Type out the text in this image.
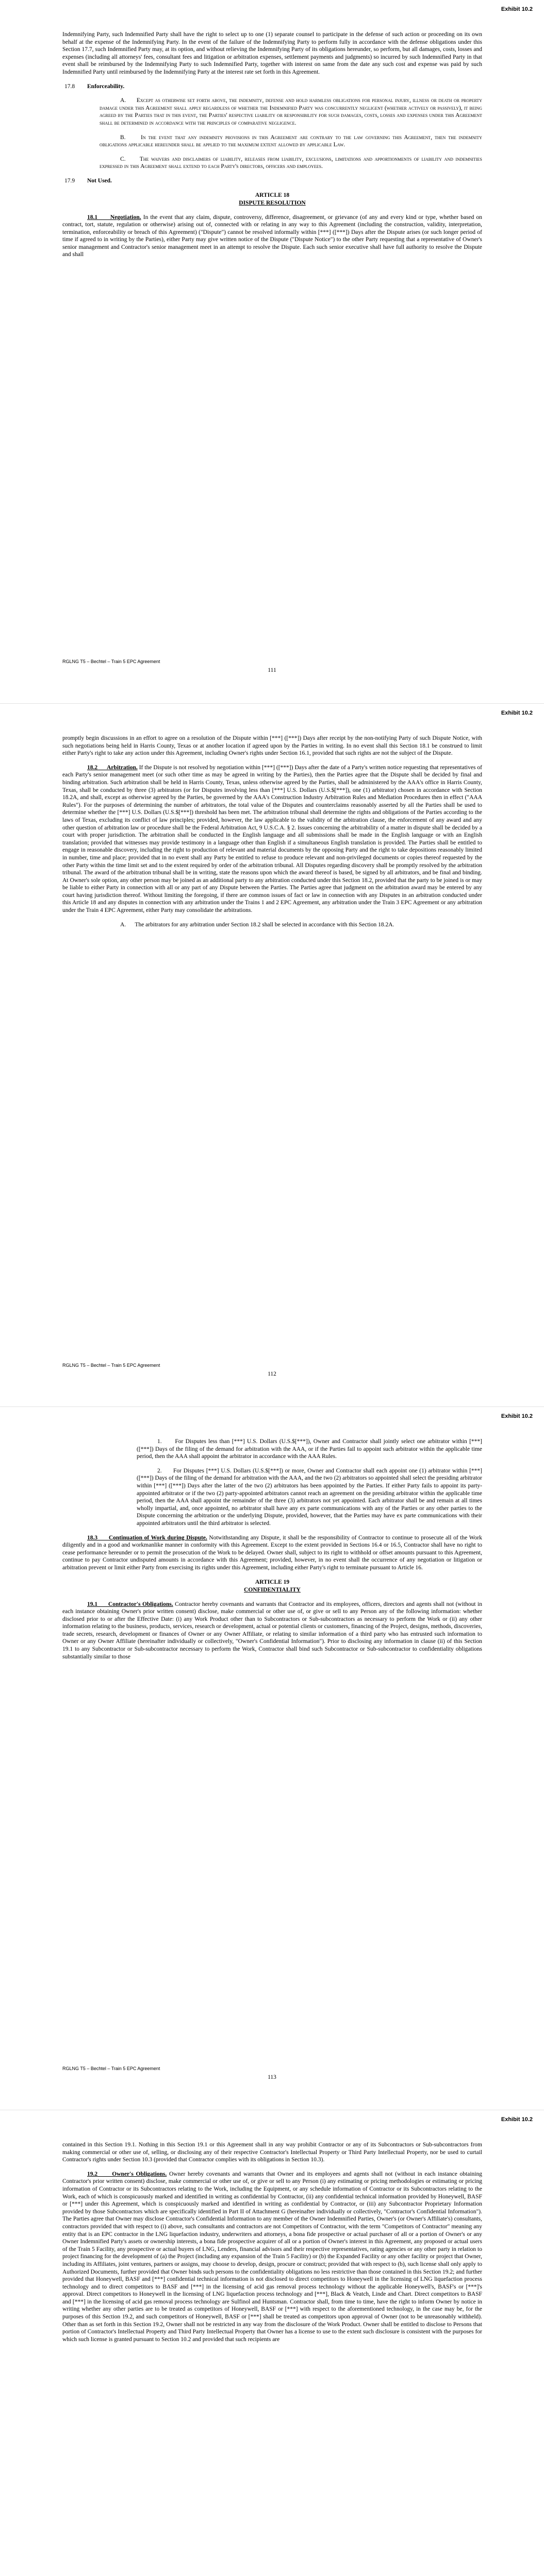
Exhibit 10.2

Indemnifying Party, such Indemnified Party shall have the right to select up to one (1) separate counsel to participate in the defense of such action or proceeding on its own behalf at the expense of the Indemnifying Party. In the event of the failure of the Indemnifying Party to perform fully in accordance with the defense obligations under this Section 17.7, such Indemnified Party may, at its option, and without relieving the Indemnifying Party of its obligations hereunder, so perform, but all damages, costs, losses and expenses (including all attorneys' fees, consultant fees and litigation or arbitration expenses, settlement payments and judgments) so incurred by such Indemnified Party in that event shall be reimbursed by the Indemnifying Party to such Indemnified Party, together with interest on same from the date any such cost and expense was paid by such Indemnified Party until reimbursed by the Indemnifying Party at the interest rate set forth in this Agreement.

17.8 Enforceability.

A.      Except as otherwise set forth above, the indemnity, defense and hold harmless obligations for personal injury, illness or death or property damage under this Agreement shall apply regardless of whether the Indemnified Party was concurrently negligent (whether actively or passively), it being agreed by the Parties that in this event, the Parties' respective liability or responsibility for such damages, costs, losses and expenses under this Agreement shall be determined in accordance with the principles of comparative negligence.

B.      In the event that any indemnity provisions in this Agreement are contrary to the law governing this Agreement, then the indemnity obligations applicable hereunder shall be applied to the maximum extent allowed by applicable Law.

C.      The waivers and disclaimers of liability, releases from liability, exclusions, limitations and apportionments of liability and indemnities expressed in this Agreement shall extend to each Party's directors, officers and employees.

17.9 Not Used.

ARTICLE 18
DISPUTE RESOLUTION

18.1      Negotiation. In the event that any claim, dispute, controversy, difference, disagreement, or grievance (of any and every kind or type, whether based on contract, tort, statute, regulation or otherwise) arising out of, connected with or relating in any way to this Agreement (including the construction, validity, interpretation, termination, enforceability or breach of this Agreement) ("Dispute") cannot be resolved informally within [***] ([***]) Days after the Dispute arises (or such longer period of time if agreed to in writing by the Parties), either Party may give written notice of the Dispute ("Dispute Notice") to the other Party requesting that a representative of Owner's senior management and Contractor's senior management meet in an attempt to resolve the Dispute. Each such senior executive shall have full authority to resolve the Dispute and shall

RGLNG T5 – Bechtel – Train 5 EPC Agreement
111
Exhibit 10.2

promptly begin discussions in an effort to agree on a resolution of the Dispute within [***] ([***]) Days after receipt by the non-notifying Party of such Dispute Notice, with such negotiations being held in Harris County, Texas or at another location if agreed upon by the Parties in writing. In no event shall this Section 18.1 be construed to limit either Party's right to take any action under this Agreement, including Owner's rights under Section 16.1, provided that such rights are not the subject of the Dispute.

18.2      Arbitration. If the Dispute is not resolved by negotiation within [***] ([***]) Days after the date of a Party's written notice requesting that representatives of each Party's senior management meet (or such other time as may be agreed in writing by the Parties), then the Parties agree that the Dispute shall be decided by final and binding arbitration. Such arbitration shall be held in Harris County, Texas, unless otherwise agreed by the Parties, shall be administered by the AAA's office in Harris County, Texas, shall be conducted by three (3) arbitrators (or for Disputes involving less than [***] U.S. Dollars (U.S.$[***]), one (1) arbitrator) chosen in accordance with Section 18.2A, and shall, except as otherwise agreed by the Parties, be governed by the AAA's Construction Industry Arbitration Rules and Mediation Procedures then in effect ("AAA Rules"). For the purposes of determining the number of arbitrators, the total value of the Disputes and counterclaims reasonably asserted by all the Parties shall be used to determine whether the [***] U.S. Dollars (U.S.$[***]) threshold has been met. The arbitration tribunal shall determine the rights and obligations of the Parties according to the laws of Texas, excluding its conflict of law principles; provided, however, the law applicable to the validity of the arbitration clause, the enforcement of any award and any other question of arbitration law or procedure shall be the Federal Arbitration Act, 9 U.S.C.A. § 2. Issues concerning the arbitrability of a matter in dispute shall be decided by a court with proper jurisdiction. The arbitration shall be conducted in the English language and all submissions shall be made in the English language or with an English translation; provided that witnesses may provide testimony in a language other than English if a simultaneous English translation is provided. The Parties shall be entitled to engage in reasonable discovery, including the right to production of relevant and material documents by the opposing Party and the right to take depositions reasonably limited in number, time and place; provided that in no event shall any Party be entitled to refuse to produce relevant and non-privileged documents or copies thereof requested by the other Party within the time limit set and to the extent required by order of the arbitration tribunal. All Disputes regarding discovery shall be promptly resolved by the arbitration tribunal. The award of the arbitration tribunal shall be in writing, state the reasons upon which the award thereof is based, be signed by all arbitrators, and be final and binding. At Owner's sole option, any other person may be joined as an additional party to any arbitration conducted under this Section 18.2, provided that the party to be joined is or may be liable to either Party in connection with all or any part of any Dispute between the Parties. The Parties agree that judgment on the arbitration award may be entered by any court having jurisdiction thereof. Without limiting the foregoing, if there are common issues of fact or law in connection with any Disputes in an arbitration conducted under this Article 18 and any disputes in connection with any arbitration under the Trains 1 and 2 EPC Agreement, any arbitration under the Train 3 EPC Agreement or any arbitration under the Train 4 EPC Agreement, either Party may consolidate the arbitrations.

A.      The arbitrators for any arbitration under Section 18.2 shall be selected in accordance with this Section 18.2A.

RGLNG T5 – Bechtel – Train 5 EPC Agreement
112
Exhibit 10.2

1.      For Disputes less than [***] U.S. Dollars (U.S.$[***]), Owner and Contractor shall jointly select one arbitrator within [***] ([***]) Days of the filing of the demand for arbitration with the AAA, or if the Parties fail to appoint such arbitrator within the applicable time period, then the AAA shall appoint the arbitrator in accordance with the AAA Rules.

2.      For Disputes [***] U.S. Dollars (U.S.$[***]) or more, Owner and Contractor shall each appoint one (1) arbitrator within [***] ([***]) Days of the filing of the demand for arbitration with the AAA, and the two (2) arbitrators so appointed shall select the presiding arbitrator within [***] ([***]) Days after the latter of the two (2) arbitrators has been appointed by the Parties. If either Party fails to appoint its party-appointed arbitrator or if the two (2) party-appointed arbitrators cannot reach an agreement on the presiding arbitrator within the applicable time period, then the AAA shall appoint the remainder of the three (3) arbitrators not yet appointed. Each arbitrator shall be and remain at all times wholly impartial, and, once appointed, no arbitrator shall have any ex parte communications with any of the Parties or any other parties to the Dispute concerning the arbitration or the underlying Dispute, provided, however, that the Parties may have ex parte communications with their appointed arbitrators until the third arbitrator is selected.

18.3      Continuation of Work during Dispute. Notwithstanding any Dispute, it shall be the responsibility of Contractor to continue to prosecute all of the Work diligently and in a good and workmanlike manner in conformity with this Agreement. Except to the extent provided in Sections 16.4 or 16.5, Contractor shall have no right to cease performance hereunder or to permit the prosecution of the Work to be delayed. Owner shall, subject to its right to withhold or offset amounts pursuant to this Agreement, continue to pay Contractor undisputed amounts in accordance with this Agreement; provided, however, in no event shall the occurrence of any negotiation or litigation or arbitration prevent or limit either Party from exercising its rights under this Agreement, including either Party's right to terminate pursuant to Article 16.

ARTICLE 19
CONFIDENTIALITY

19.1      Contractor's Obligations. Contractor hereby covenants and warrants that Contractor and its employees, officers, directors and agents shall not (without in each instance obtaining Owner's prior written consent) disclose, make commercial or other use of, or give or sell to any Person any of the following information: whether disclosed prior to or after the Effective Date: (i) any Work Product other than to Subcontractors or Sub-subcontractors as necessary to perform the Work or (ii) any other information relating to the business, products, services, research or development, actual or potential clients or customers, financing of the Project, designs, methods, discoveries, trade secrets, research, development or finances of Owner or any Owner Affiliate, or relating to similar information of a third party who has entrusted such information to Owner or any Owner Affiliate (hereinafter individually or collectively, "Owner's Confidential Information"). Prior to disclosing any information in clause (ii) of this Section 19.1 to any Subcontractor or Sub-subcontractor necessary to perform the Work, Contractor shall bind such Subcontractor or Sub-subcontractor to confidentiality obligations substantially similar to those

RGLNG T5 – Bechtel – Train 5 EPC Agreement
113
Exhibit 10.2

contained in this Section 19.1. Nothing in this Section 19.1 or this Agreement shall in any way prohibit Contractor or any of its Subcontractors or Sub-subcontractors from making commercial or other use of, selling, or disclosing any of their respective Contractor's Intellectual Property or Third Party Intellectual Property, nor be used to curtail Contractor's rights under Section 10.3 (provided that Contractor complies with its obligations in Section 10.3).

19.2      Owner's Obligations. Owner hereby covenants and warrants that Owner and its employees and agents shall not (without in each instance obtaining Contractor's prior written consent) disclose, make commercial or other use of, or give or sell to any Person (i) any estimating or pricing methodologies or estimating or pricing information of Contractor or its Subcontractors relating to the Work, including the Equipment, or any schedule information of Contractor or its Subcontractors relating to the Work, each of which is conspicuously marked and identified in writing as confidential by Contractor, (ii) any confidential technical information provided by Honeywell, BASF or [***] under this Agreement, which is conspicuously marked and identified in writing as confidential by Contractor, or (iii) any Subcontractor Proprietary Information provided by those Subcontractors which are specifically identified in Part II of Attachment G (hereinafter individually or collectively, "Contractor's Confidential Information"). The Parties agree that Owner may disclose Contractor's Confidential Information to any member of the Owner Indemnified Parties, Owner's (or Owner's Affiliate's) consultants, contractors provided that with respect to (i) above, such consultants and contractors are not Competitors of Contractor, with the term "Competitors of Contractor" meaning any entity that is an EPC contractor in the LNG liquefaction industry, underwriters and attorneys, a bona fide prospective or actual purchaser of all or a portion of Owner's or any Owner Indemnified Party's assets or ownership interests, a bona fide prospective acquirer of all or a portion of Owner's interest in this Agreement, any proposed or actual users of the Train 5 Facility, any prospective or actual buyers of LNG, Lenders, financial advisors and their respective representatives, rating agencies or any other party in relation to project financing for the development of (a) the Project (including any expansion of the Train 5 Facility) or (b) the Expanded Facility or any other facility or project that Owner, including its Affiliates, joint ventures, partners or assigns, may choose to develop, design, procure or construct; provided that with respect to (b), such license shall only apply to Authorized Documents, further provided that Owner binds such persons to the confidentiality obligations no less restrictive than those contained in this Section 19.2; and further provided that Honeywell, BASF and [***] confidential technical information is not disclosed to direct competitors to Honeywell in the licensing of LNG liquefaction process technology and to direct competitors to BASF and [***] in the licensing of acid gas removal process technology without the applicable Honeywell's, BASF's or [***]'s approval. Direct competitors to Honeywell in the licensing of LNG liquefaction process technology and [***], Black & Veatch, Linde and Chart. Direct competitors to BASF and [***] in the licensing of acid gas removal process technology are Sulfinol and Huntsman. Contractor shall, from time to time, have the right to inform Owner by notice in writing whether any other parties are to be treated as competitors of Honeywell, BASF or [***] with respect to the aforementioned technology, in the case may be, for the purposes of this Section 19.2, and such competitors of Honeywell, BASF or [***] shall be treated as competitors upon approval of Owner (not to be unreasonably withheld). Other than as set forth in this Section 19.2, Owner shall not be restricted in any way from the disclosure of the Work Product. Owner shall be entitled to disclose to Persons that portion of Contractor's Intellectual Property and Third Party Intellectual Property that Owner has a license to use to the extent such disclosure is consistent with the purposes for which such license is granted pursuant to Section 10.2 and provided that such recipients are
